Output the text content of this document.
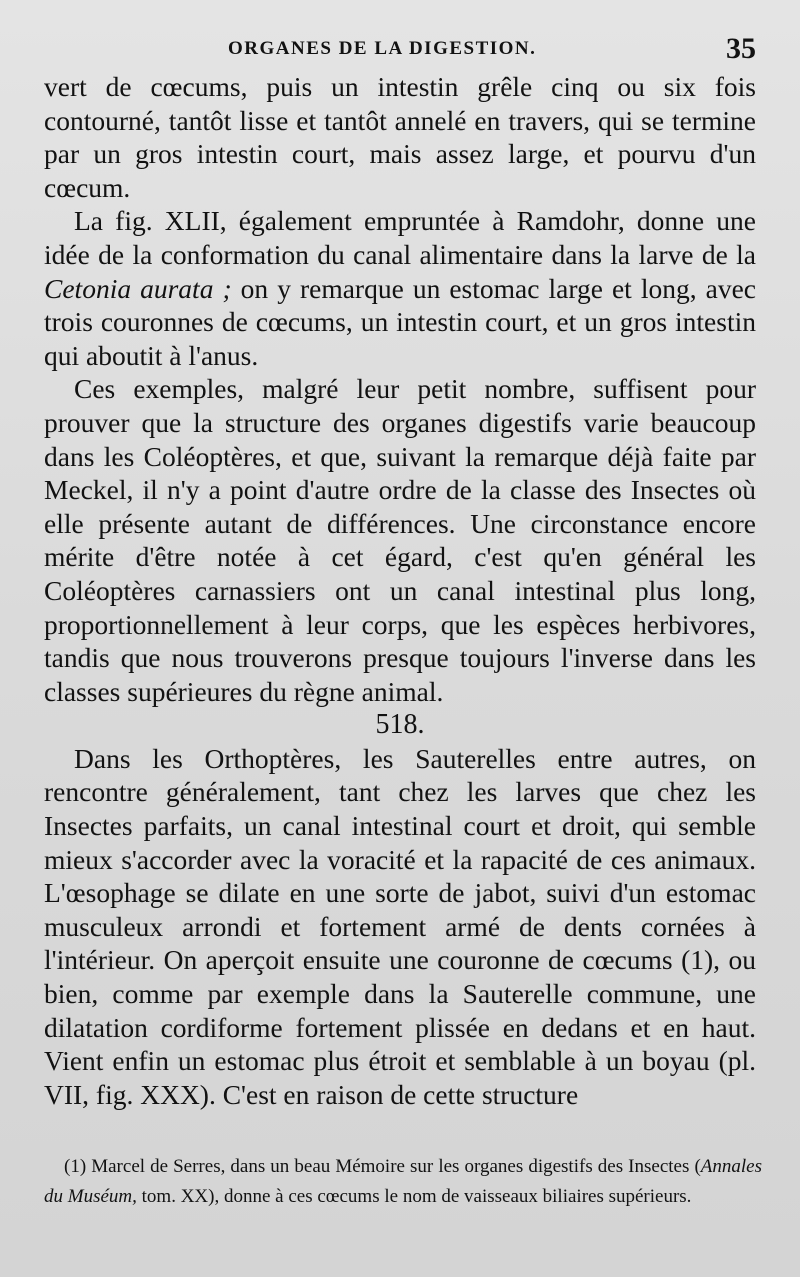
ORGANES DE LA DIGESTION.	35

vert de cœcums, puis un intestin grêle cinq ou six fois contourné, tantôt lisse et tantôt annelé en travers, qui se termine par un gros intestin court, mais assez large, et pourvu d'un cœcum.

La fig. XLII, également empruntée à Ramdohr, donne une idée de la conformation du canal alimentaire dans la larve de la Cetonia aurata ; on y remarque un estomac large et long, avec trois couronnes de cœcums, un intestin court, et un gros intestin qui aboutit à l'anus.

Ces exemples, malgré leur petit nombre, suffisent pour prouver que la structure des organes digestifs varie beaucoup dans les Coléoptères, et que, suivant la remarque déjà faite par Meckel, il n'y a point d'autre ordre de la classe des Insectes où elle présente autant de différences. Une circonstance encore mérite d'être notée à cet égard, c'est qu'en général les Coléoptères carnassiers ont un canal intestinal plus long, proportionnellement à leur corps, que les espèces herbivores, tandis que nous trouverons presque toujours l'inverse dans les classes supérieures du règne animal.

518.

Dans les Orthoptères, les Sauterelles entre autres, on rencontre généralement, tant chez les larves que chez les Insectes parfaits, un canal intestinal court et droit, qui semble mieux s'accorder avec la voracité et la rapacité de ces animaux. L'œsophage se dilate en une sorte de jabot, suivi d'un estomac musculeux arrondi et fortement armé de dents cornées à l'intérieur. On aperçoit ensuite une couronne de cœcums (1), ou bien, comme par exemple dans la Sauterelle commune, une dilatation cordiforme fortement plissée en dedans et en haut. Vient enfin un estomac plus étroit et semblable à un boyau (pl. VII, fig. XXX). C'est en raison de cette structure

(1) Marcel de Serres, dans un beau Mémoire sur les organes digestifs des Insectes (Annales du Muséum, tom. XX), donne à ces cœcums le nom de vaisseaux biliaires supérieurs.
